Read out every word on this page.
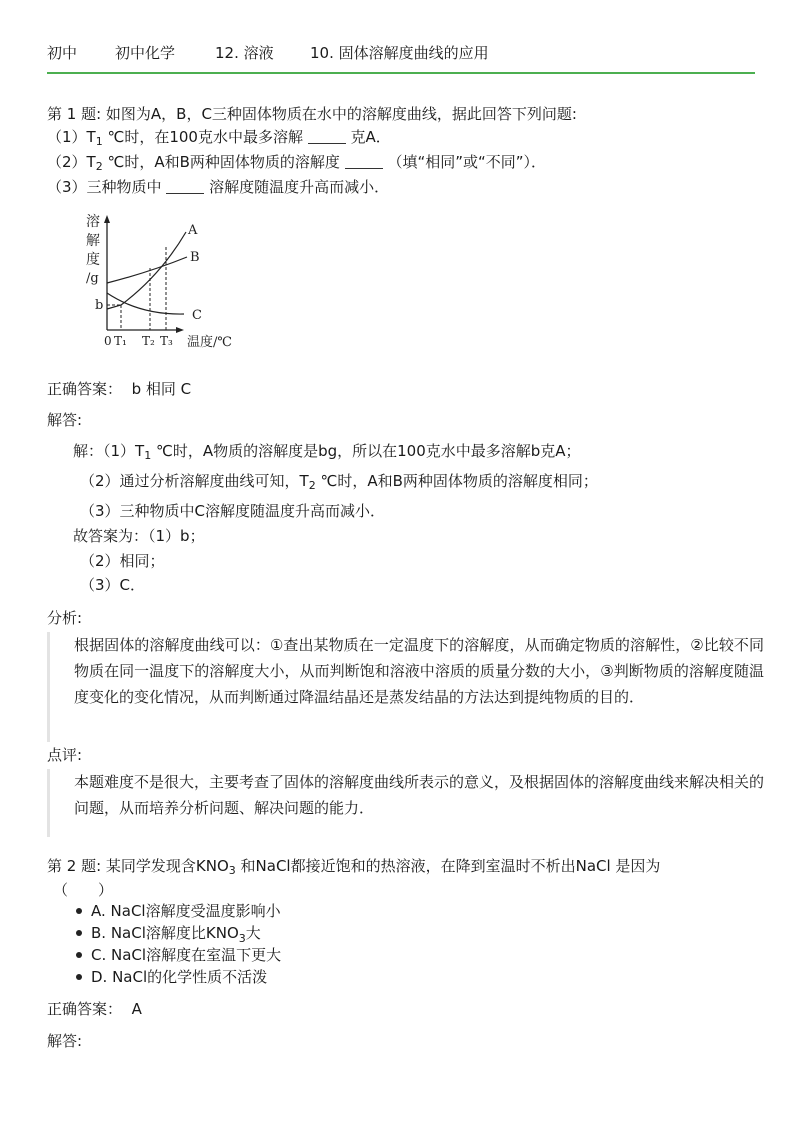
初中	初中化学	12. 溶液 10. 固体溶解度曲线的应用
第 1 题: 如图为A，B，C三种固体物质在水中的溶解度曲线，据此回答下列问题:
$(1)T_1$ ℃时，在100克水中最多溶解	克A．
$(2)T_2$ ℃时，A和B两种固体物质的溶解度	（填“相同”或“不同”）．
（3）三种物质中	溶解度随温度升高而减小．
溶
解
度
/g
b
0 T₁ T₂ T₃ 温度/℃
A
B
C
正确答案： b 相同 C
解答:
解：$(1)T_1$ ℃时，A物质的溶解度是bg，所以在100克水中最多溶解b克A；
（2）通过分析溶解度曲线可知，$T_2$ ℃时，A和B两种固体物质的溶解度相同；
（3）三种物质中C溶解度随温度升高而减小．
故答案为：（1）b；
（2）相同；
（3）C．
分析:

根据固体的溶解度曲线可以：①查出某物质在一定温度下的溶解度，从而确定物质的溶解性，②比较不同物质在同一温度下的溶解度大小，从而判断饱和溶液中溶质的质量分数的大小，③判断物质的溶解度随温度变化的变化情况，从而判断通过降温结晶还是蒸发结晶的方法达到提纯物质的目的．

点评:

本题难度不是很大，主要考查了固体的溶解度曲线所表示的意义，及根据固体的溶解度曲线来解决相关的问题，从而培养分析问题、解决问题的能力．

第 2 题: 某同学发现含$KNO_3$ 和NaCl都接近饱和的热溶液，在降到室温时不析出NaCl 是因为
（　　）
A. NaCl溶解度受温度影响小
B. NaCl溶解度比$KNO_3$大
C. NaCl溶解度在室温下更大
D. NaCl的化学性质不活泼
正确答案： A
解答:
